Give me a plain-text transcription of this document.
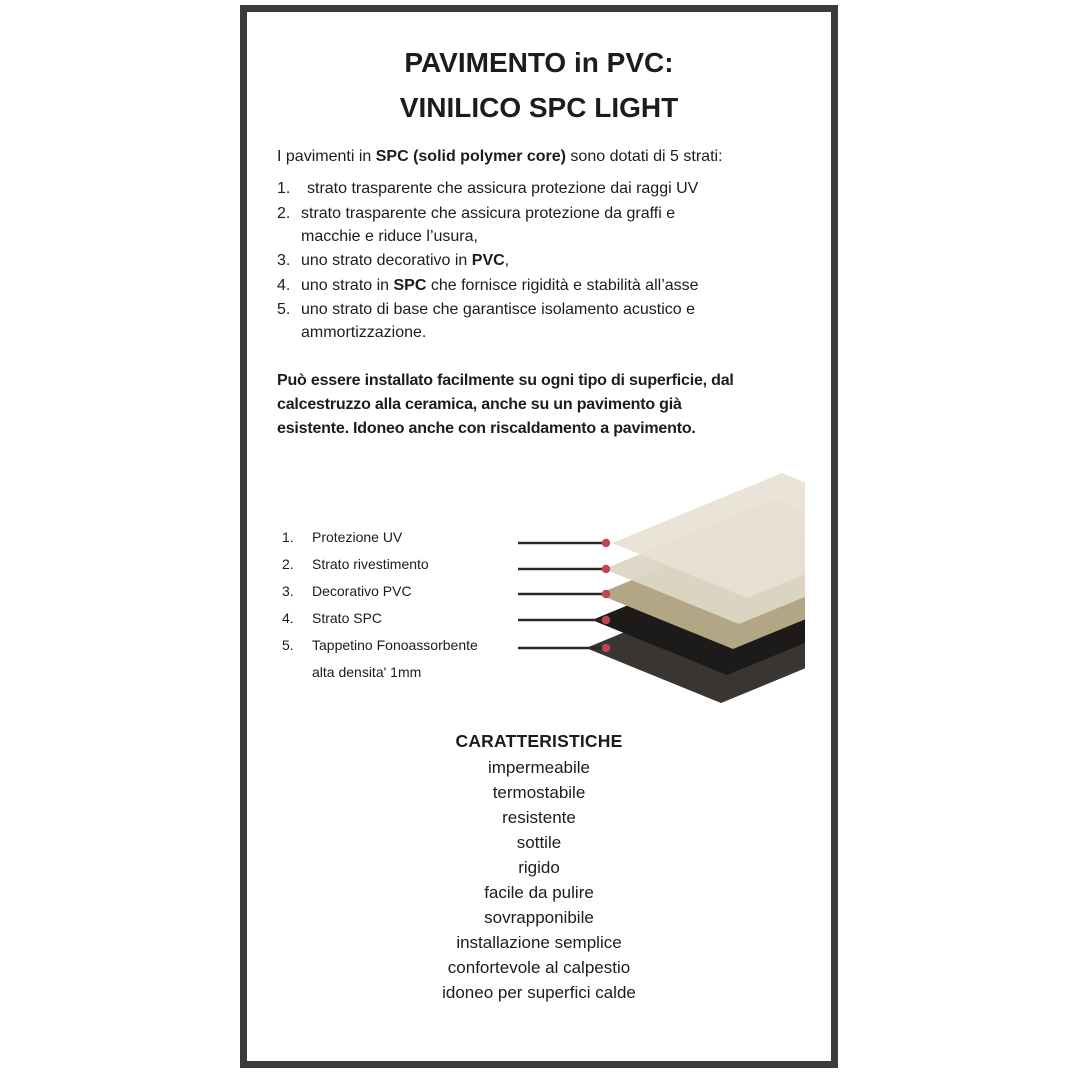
PAVIMENTO in PVC:
VINILICO SPC LIGHT
I pavimenti in SPC (solid polymer core) sono dotati di 5 strati:
1.	strato trasparente che assicura protezione dai raggi UV
2. strato trasparente che assicura protezione da graffi e
macchie e riduce l’usura,
3. uno strato decorativo in PVC,
4. uno strato in SPC che fornisce rigidità e stabilità all’asse
5. uno strato di base che garantisce isolamento acustico e
ammortizzazione.
Può essere installato facilmente su ogni tipo di superficie, dal
calcestruzzo alla ceramica, anche su un pavimento già
esistente. Idoneo anche con riscaldamento a pavimento.
1.	Protezione UV
2.	Strato rivestimento
3.	Decorativo PVC
4.	Strato SPC
5.	Tappetino Fonoassorbente
alta densita' 1mm
CARATTERISTICHE
impermeabile
termostabile
resistente
sottile
rigido
facile da pulire
sovrapponibile
installazione semplice
confortevole al calpestio
idoneo per superfici calde
